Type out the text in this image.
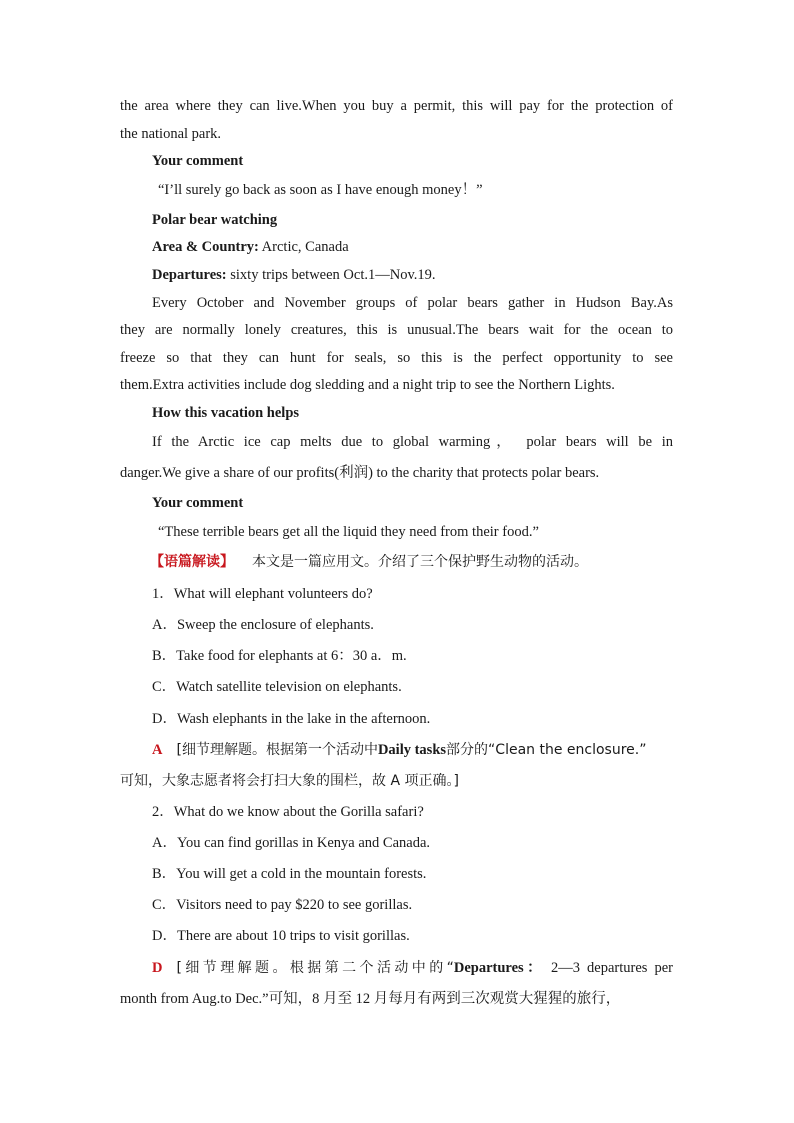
the area where they can live.When you buy a permit, this will pay for the protection of
the national park.
Your comment
“I’ll surely go back as soon as I have enough money！”
Polar bear watching
Area & Country: Arctic, Canada
Departures: sixty trips between Oct.1—Nov.19.
Every October and November groups of polar bears gather in Hudson Bay.As
they are normally lonely creatures, this is unusual.The bears wait for the ocean to
freeze so that they can hunt for seals, so this is the perfect opportunity to see
them.Extra activities include dog sledding and a night trip to see the Northern Lights.
How this vacation helps
If the Arctic ice cap melts due to global warming， polar bears will be in
danger.We give a share of our profits(利润) to the charity that protects polar bears.
Your comment
“These terrible bears get all the liquid they need from their food.”
【语篇解读】 本文是一篇应用文。介绍了三个保护野生动物的活动。
1．What will elephant volunteers do?
A．Sweep the enclosure of elephants.
B．Take food for elephants at 6：30 a．m.
C．Watch satellite television on elephants.
D．Wash elephants in the lake in the afternoon.
A [细节理解题。根据第一个活动中Daily tasks部分的“Clean the enclosure.”
可知，大象志愿者将会打扫大象的围栏，故 A 项正确。]
2．What do we know about the Gorilla safari?
A．You can find gorillas in Kenya and Canada.
B．You will get a cold in the mountain forests.
C．Visitors need to pay $220 to see gorillas.
D．There are about 10 trips to visit gorillas.
D [细节理解题。根据第二个活动中的“Departures： 2—3 departures per
month from Aug.to Dec.”可知，8 月至 12 月每月有两到三次观赏大猩猩的旅行，
